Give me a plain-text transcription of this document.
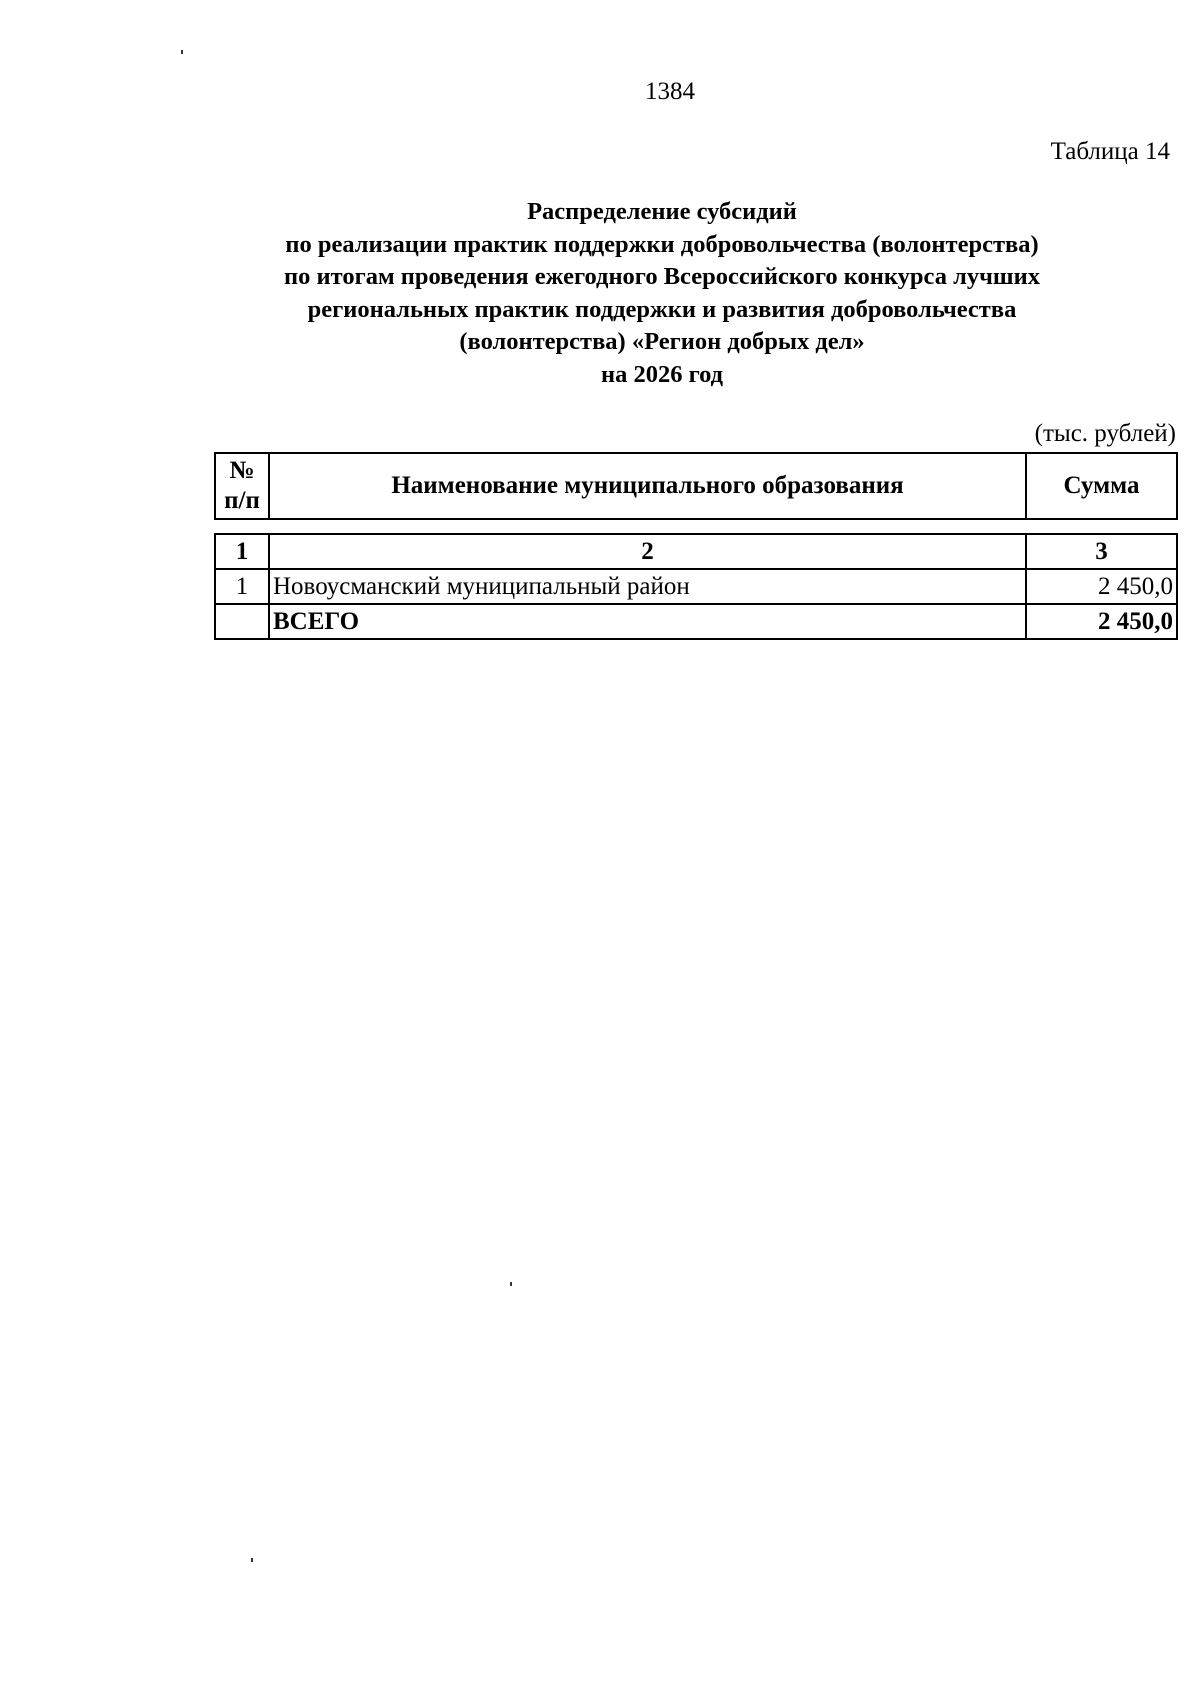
1384
Таблица 14
Распределение субсидий
по реализации практик поддержки добровольчества (волонтерства)
по итогам проведения ежегодного Всероссийского конкурса лучших
региональных практик поддержки и развития добровольчества
(волонтерства) «Регион добрых дел»
на 2026 год
(тыс. рублей)
№ п/п	Наименование муниципального образования	Сумма
1	2	3
1	Новоусманский муниципальный район	2 450,0
	ВСЕГО	2 450,0
